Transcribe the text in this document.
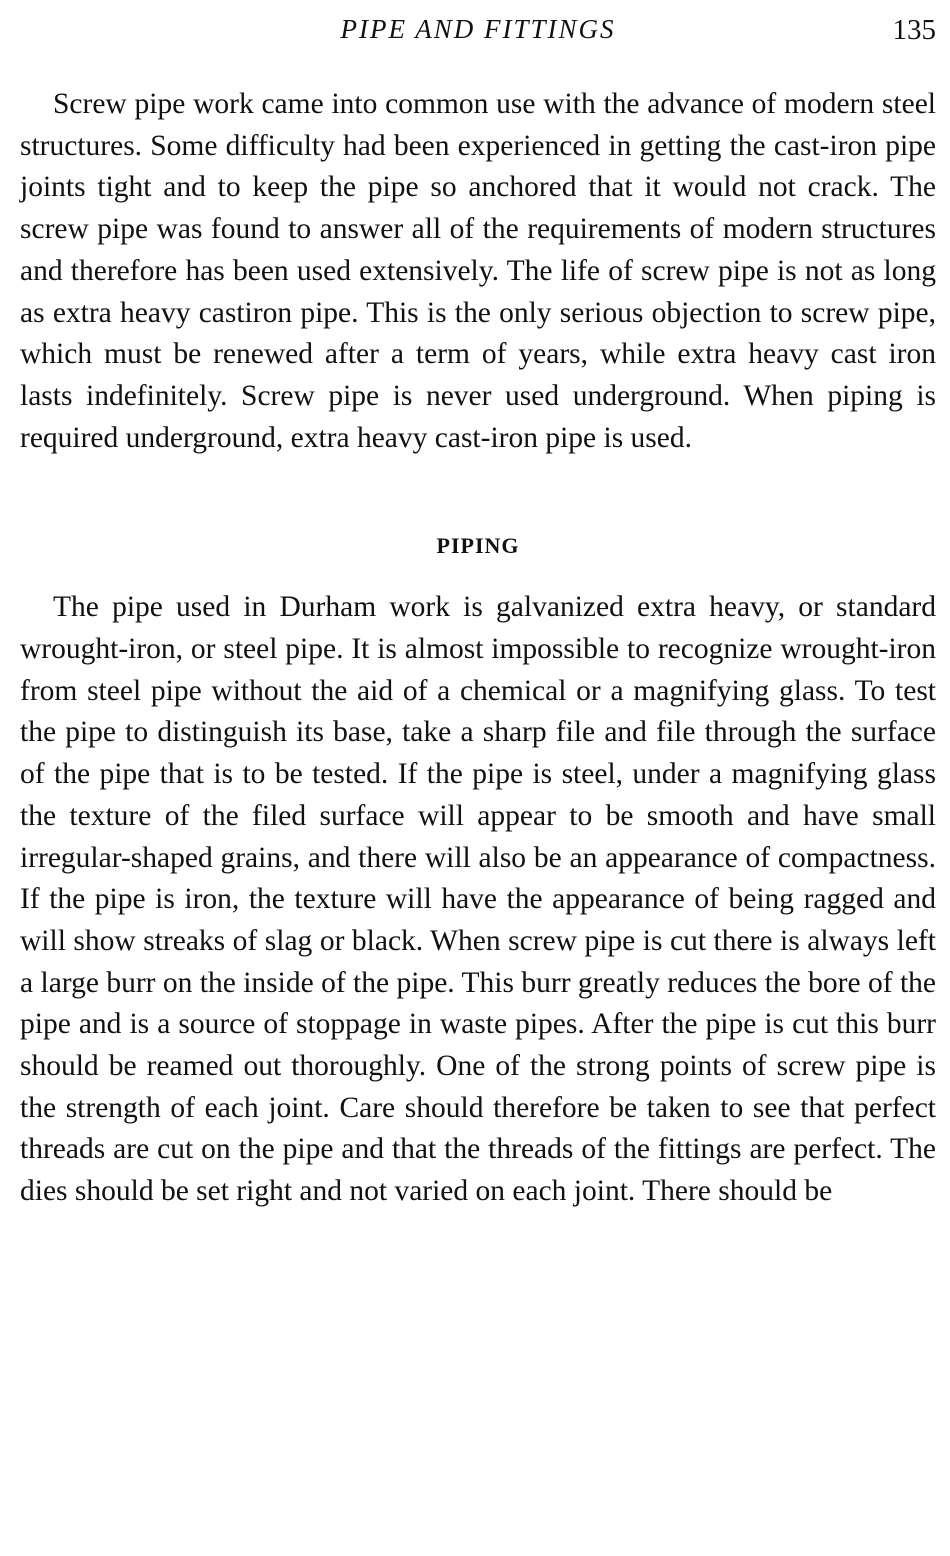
PIPE AND FITTINGS	135

Screw pipe work came into common use with the advance of modern steel structures. Some difficulty had been experienced in getting the cast-iron pipe joints tight and to keep the pipe so anchored that it would not crack. The screw pipe was found to answer all of the requirements of modern structures and therefore has been used extensively. The life of screw pipe is not as long as extra heavy castiron pipe. This is the only serious objection to screw pipe, which must be renewed after a term of years, while extra heavy cast iron lasts indefinitely. Screw pipe is never used underground. When piping is required underground, extra heavy cast-iron pipe is used.

PIPING

The pipe used in Durham work is galvanized extra heavy, or standard wrought-iron, or steel pipe. It is almost impossible to recognize wrought-iron from steel pipe without the aid of a chemical or a magnifying glass. To test the pipe to distinguish its base, take a sharp file and file through the surface of the pipe that is to be tested. If the pipe is steel, under a magnifying glass the texture of the filed surface will appear to be smooth and have small irregular-shaped grains, and there will also be an appearance of compactness. If the pipe is iron, the texture will have the appearance of being ragged and will show streaks of slag or black. When screw pipe is cut there is always left a large burr on the inside of the pipe. This burr greatly reduces the bore of the pipe and is a source of stoppage in waste pipes. After the pipe is cut this burr should be reamed out thoroughly. One of the strong points of screw pipe is the strength of each joint. Care should therefore be taken to see that perfect threads are cut on the pipe and that the threads of the fittings are perfect. The dies should be set right and not varied on each joint. There should be
